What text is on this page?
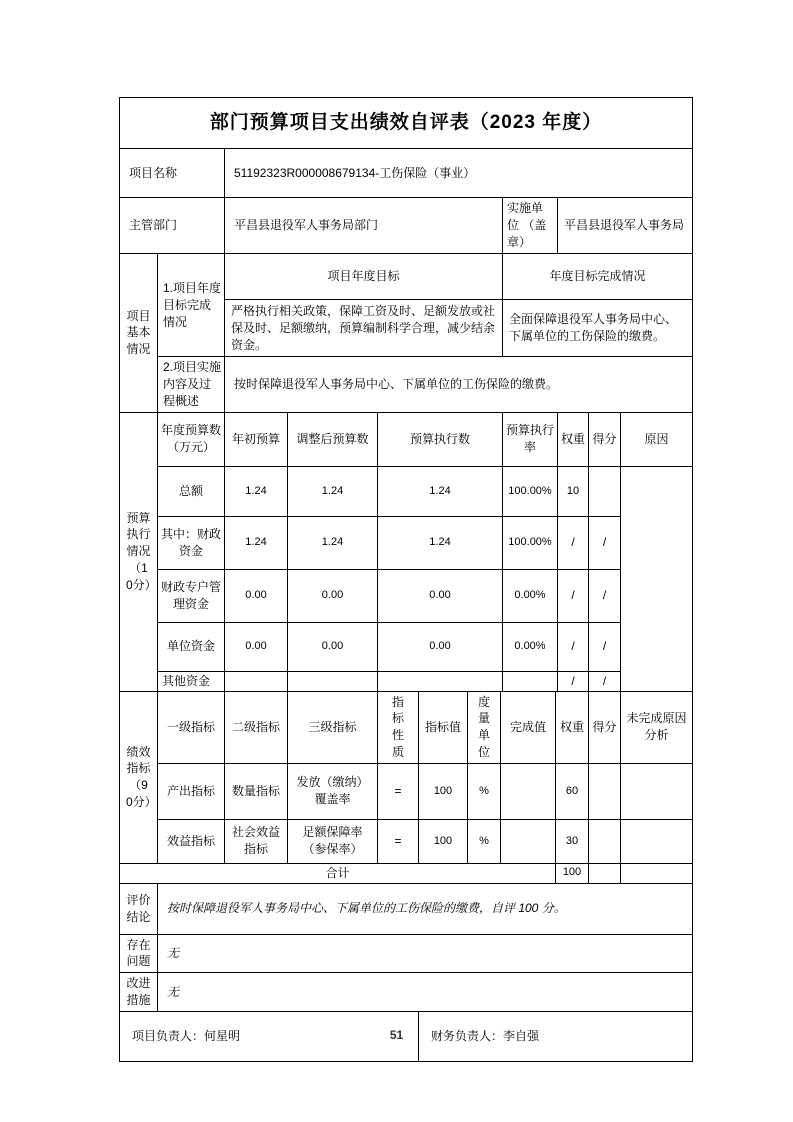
部门预算项目支出绩效自评表（2023 年度）			
项目名称	51192323R000008679134-工伤保险（事业）		
主管部门	平昌县退役军人事务局部门	实施单位 （盖章）	平昌县退役军人事务局
项目基本情况	1.项目年度目标完成情况	项目年度目标	年度目标完成情况
		严格执行相关政策，保障工资及时、足额发放或社保及时、足额缴纳，预算编制科学合理，减少结余资金。	全面保障退役军人事务局中心、下属单位的工伤保险的缴费。
	2.项目实施内容及过程概述	按时保障退役军人事务局中心、下属单位的工伤保险的缴费。	
预算执行情况（10分）	年度预算数（万元）	年初预算	调整后预算数	预算执行数	预算执行率	权重	得分	原因
	总额	1.24	1.24	1.24	100.00%	10		
	其中：财政资金	1.24	1.24	1.24	100.00%	/	/	
	财政专户管理资金	0.00	0.00	0.00	0.00%	/	/	
	单位资金	0.00	0.00	0.00	0.00%	/	/	
	其他资金					/	/	
绩效指标（90分）	一级指标	二级指标	三级指标	指标性质	指标值	度量单位	完成值	权重	得分	未完成原因分析
	产出指标	数量指标	发放（缴纳）覆盖率	=	100	%		60		
	效益指标	社会效益指标	足额保障率（参保率）	=	100	%		30		
合计								100		
评价结论	按时保障退役军人事务局中心、下属单位的工伤保险的缴费，自评 100 分。
存在问题	无
改进措施	无
项目负责人：何星明	财务负责人：李自强
51
